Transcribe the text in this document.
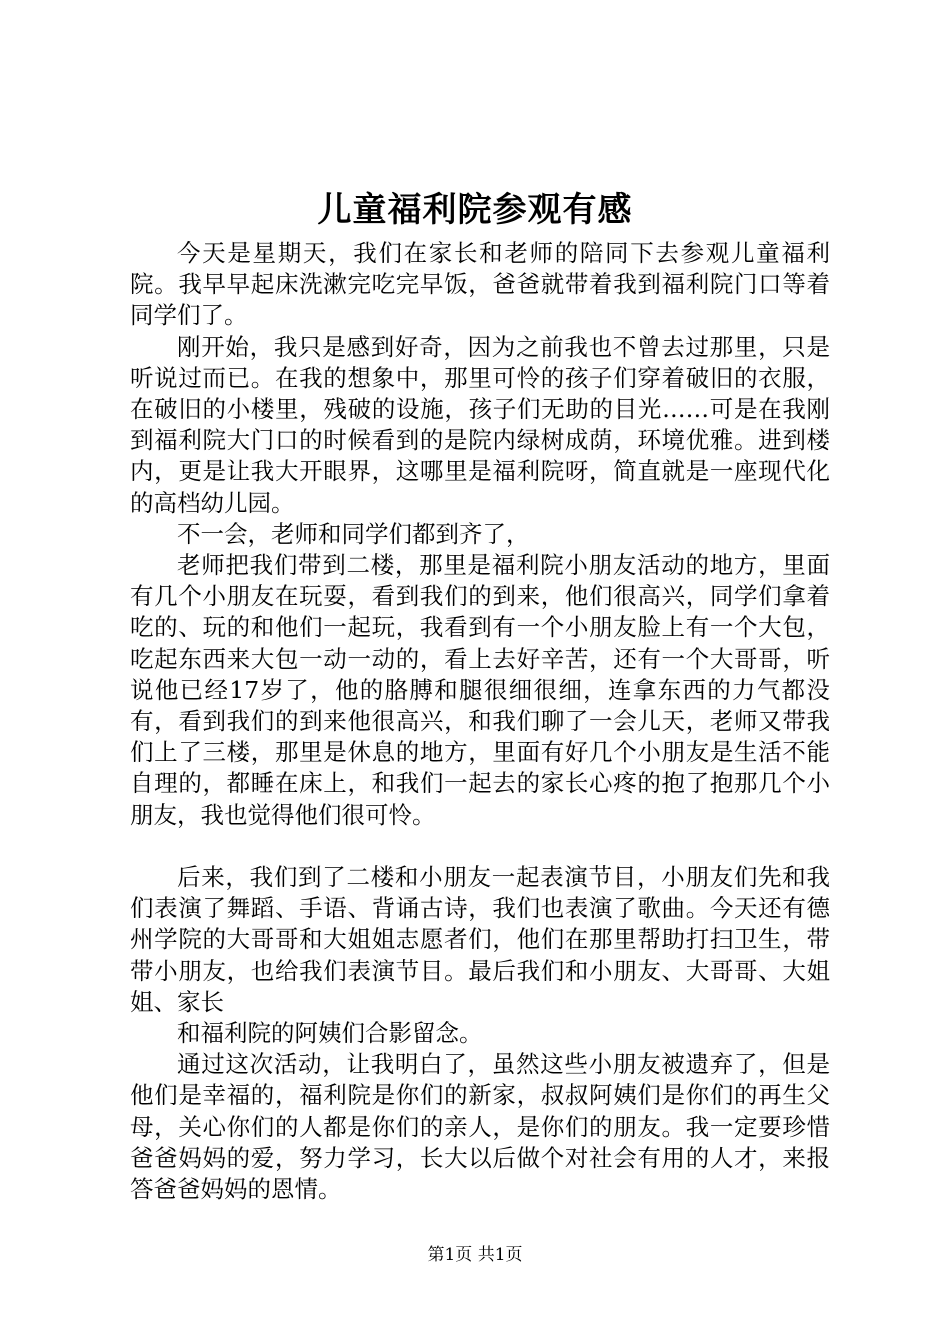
儿童福利院参观有感

今天是星期天，我们在家长和老师的陪同下去参观儿童福利院。我早早起床洗漱完吃完早饭，爸爸就带着我到福利院门口等着同学们了。

刚开始，我只是感到好奇，因为之前我也不曾去过那里，只是听说过而已。在我的想象中，那里可怜的孩子们穿着破旧的衣服，在破旧的小楼里，残破的设施，孩子们无助的目光……可是在我刚到福利院大门口的时候看到的是院内绿树成荫，环境优雅。进到楼内，更是让我大开眼界，这哪里是福利院呀，简直就是一座现代化的高档幼儿园。

不一会，老师和同学们都到齐了，

老师把我们带到二楼，那里是福利院小朋友活动的地方，里面有几个小朋友在玩耍，看到我们的到来，他们很高兴，同学们拿着吃的、玩的和他们一起玩，我看到有一个小朋友脸上有一个大包，吃起东西来大包一动一动的，看上去好辛苦，还有一个大哥哥，听说他已经17岁了，他的胳膊和腿很细很细，连拿东西的力气都没有，看到我们的到来他很高兴，和我们聊了一会儿天，老师又带我们上了三楼，那里是休息的地方，里面有好几个小朋友是生活不能自理的，都睡在床上，和我们一起去的家长心疼的抱了抱那几个小朋友，我也觉得他们很可怜。

后来，我们到了二楼和小朋友一起表演节目，小朋友们先和我们表演了舞蹈、手语、背诵古诗，我们也表演了歌曲。今天还有德州学院的大哥哥和大姐姐志愿者们，他们在那里帮助打扫卫生，带带小朋友，也给我们表演节目。最后我们和小朋友、大哥哥、大姐姐、家长

和福利院的阿姨们合影留念。

通过这次活动，让我明白了，虽然这些小朋友被遗弃了，但是他们是幸福的，福利院是你们的新家，叔叔阿姨们是你们的再生父母，关心你们的人都是你们的亲人，是你们的朋友。我一定要珍惜爸爸妈妈的爱，努力学习，长大以后做个对社会有用的人才，来报答爸爸妈妈的恩情。

第1页 共1页
